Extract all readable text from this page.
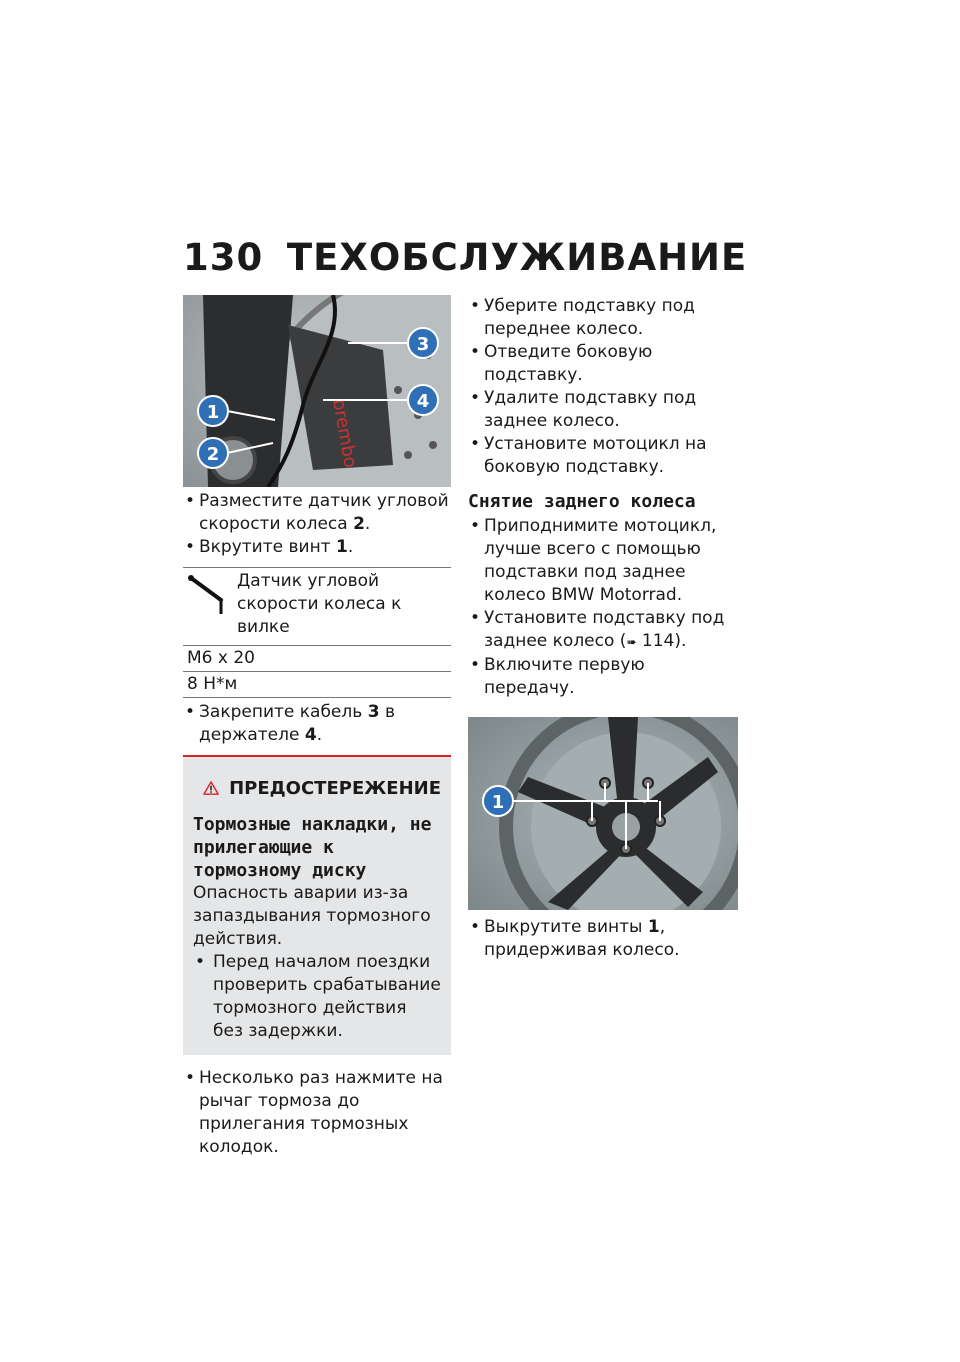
130 ТЕХОБСЛУЖИВАНИЕ
brembo
3
4
1
2

• Разместите датчик угловой скорости колеса 2.

• Вкрутите винт 1.

Датчик угловой скорости колеса к вилке
М6 x 20
8 Н*м

• Закрепите кабель 3 в держателе 4.

ПРЕДОСТЕРЕЖЕНИЕ
Тормозные накладки, не прилегающие к тормозному диску
Опасность аварии из-за запаздывания тормозного действия.

• Перед началом поездки проверить срабатывание тормозного действия без задержки.

• Несколько раз нажмите на рычаг тормоза до прилегания тормозных колодок.

• Уберите подставку под переднее колесо.

• Отведите боковую подставку.

• Удалите подставку под заднее колесо.

• Установите мотоцикл на боковую подставку.

Снятие заднего колеса

• Приподнимите мотоцикл, лучше всего с помощью подставки под заднее колесо BMW Motorrad.

• Установите подставку под заднее колесо (➠ 114).

• Включите первую передачу.

1

• Выкрутите винты 1, придерживая колесо.
